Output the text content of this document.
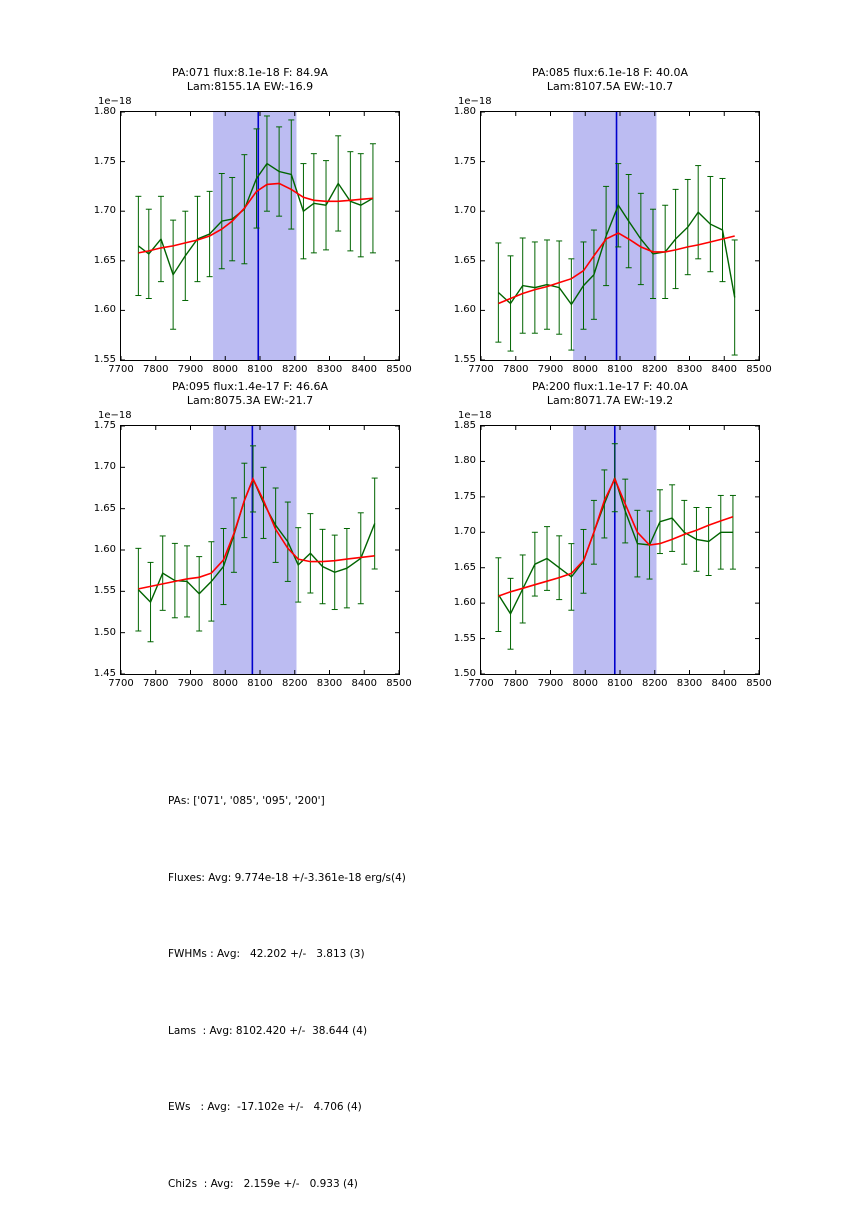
PA:071 flux:8.1e-18 F: 84.9A
Lam:8155.1A EW:-16.9
1e−18
7700 7800 7900 8000 8100 8200 8300 8400 8500
1.55
1.60
1.65
1.70
1.75
1.80
PA:085 flux:6.1e-18 F: 40.0A
Lam:8107.5A EW:-10.7
1e−18
7700 7800 7900 8000 8100 8200 8300 8400 8500
1.55
1.60
1.65
1.70
1.75
1.80
PA:095 flux:1.4e-17 F: 46.6A
Lam:8075.3A EW:-21.7
1e−18
7700 7800 7900 8000 8100 8200 8300 8400 8500
1.45
1.50
1.55
1.60
1.65
1.70
1.75
PA:200 flux:1.1e-17 F: 40.0A
Lam:8071.7A EW:-19.2
1e−18
7700 7800 7900 8000 8100 8200 8300 8400 8500
1.50
1.55
1.60
1.65
1.70
1.75
1.80
1.85

PAs: ['071', '085', '095', '200']

Fluxes: Avg: 9.774e-18 +/-3.361e-18 erg/s(4)

FWHMs : Avg:   42.202 +/-   3.813 (3)

Lams  : Avg: 8102.420 +/-  38.644 (4)

EWs   : Avg:  -17.102e +/-   4.706 (4)

Chi2s  : Avg:   2.159e +/-   0.933 (4)
